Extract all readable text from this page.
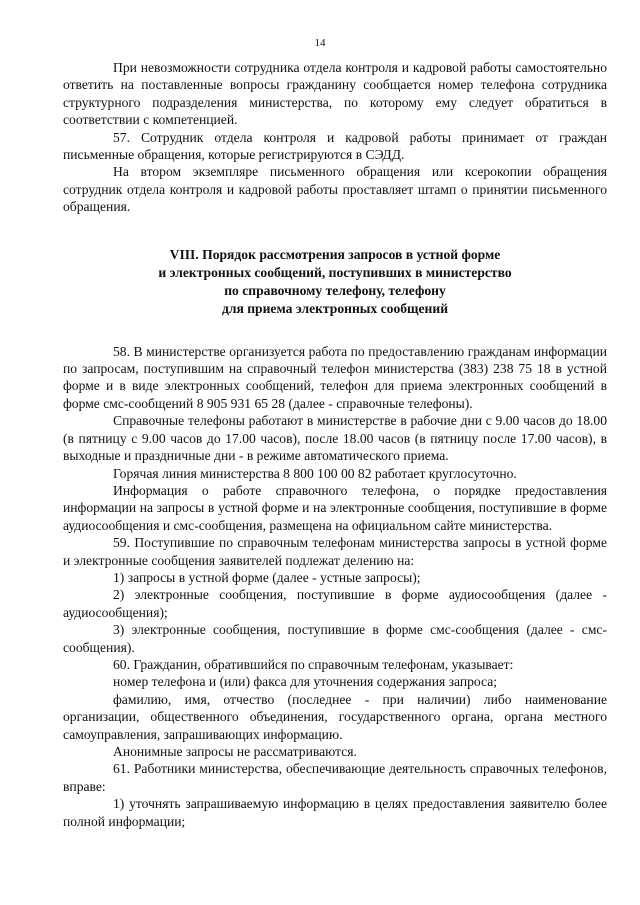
14

При невозможности сотрудника отдела контроля и кадровой работы самостоятельно ответить на поставленные вопросы гражданину сообщается номер телефона сотрудника структурного подразделения министерства, по которому ему следует обратиться в соответствии с компетенцией.

57. Сотрудник отдела контроля и кадровой работы принимает от граждан письменные обращения, которые регистрируются в СЭДД.

На втором экземпляре письменного обращения или ксерокопии обращения сотрудник отдела контроля и кадровой работы проставляет штамп о принятии письменного обращения.

VIII. Порядок рассмотрения запросов в устной форме
и электронных сообщений, поступивших в министерство
по справочному телефону, телефону
для приема электронных сообщений

58. В министерстве организуется работа по предоставлению гражданам информации по запросам, поступившим на справочный телефон министерства (383) 238 75 18 в устной форме и в виде электронных сообщений, телефон для приема электронных сообщений в форме смс-сообщений 8 905 931 65 28 (далее - справочные телефоны).

Справочные телефоны работают в министерстве в рабочие дни с 9.00 часов до 18.00 (в пятницу с 9.00 часов до 17.00 часов), после 18.00 часов (в пятницу после 17.00 часов), в выходные и праздничные дни - в режиме автоматического приема.

Горячая линия министерства 8 800 100 00 82 работает круглосуточно.

Информация о работе справочного телефона, о порядке предоставления информации на запросы в устной форме и на электронные сообщения, поступившие в форме аудиосообщения и смс-сообщения, размещена на официальном сайте министерства.

59. Поступившие по справочным телефонам министерства запросы в устной форме и электронные сообщения заявителей подлежат делению на:

1) запросы в устной форме (далее - устные запросы);

2) электронные сообщения, поступившие в форме аудиосообщения (далее - аудиосообщения);

3) электронные сообщения, поступившие в форме смс-сообщения (далее - смс-сообщения).

60. Гражданин, обратившийся по справочным телефонам, указывает:

номер телефона и (или) факса для уточнения содержания запроса;

фамилию, имя, отчество (последнее - при наличии) либо наименование организации, общественного объединения, государственного органа, органа местного самоуправления, запрашивающих информацию.

Анонимные запросы не рассматриваются.

61. Работники министерства, обеспечивающие деятельность справочных телефонов, вправе:

1) уточнять запрашиваемую информацию в целях предоставления заявителю более полной информации;
